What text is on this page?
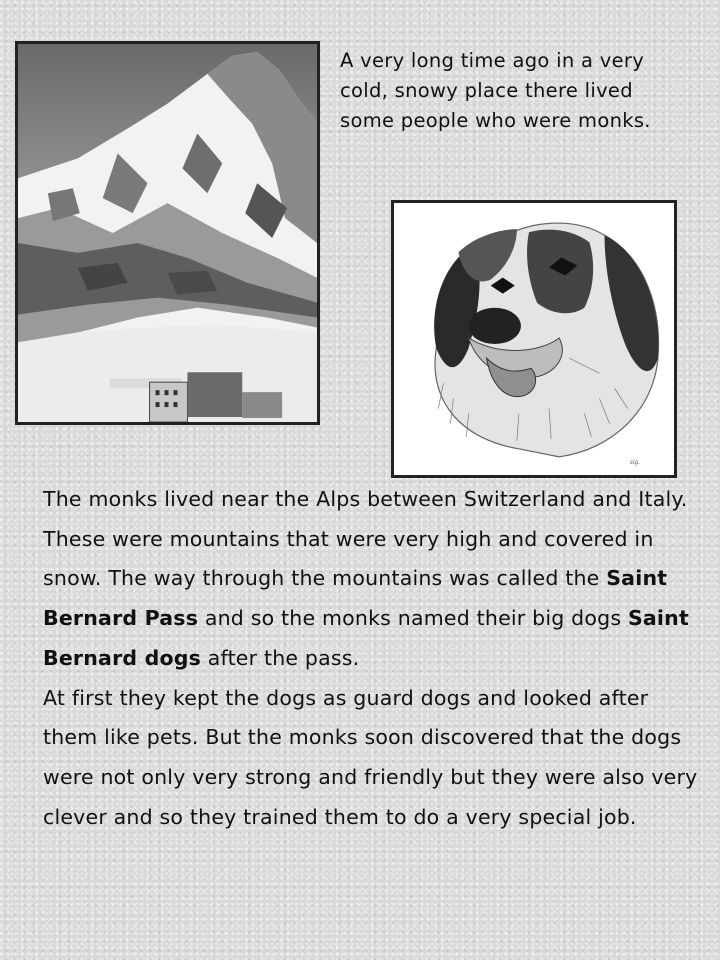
A very long time ago in a very cold, snowy place there lived some people who were monks.

sig.

The monks lived near the Alps between Switzerland and Italy. These were mountains that were very high and covered in snow. The way through the mountains was called the Saint Bernard Pass and so the monks named their big dogs Saint Bernard dogs after the pass.
At first they kept the dogs as guard dogs and looked after them like pets. But the monks soon discovered that the dogs were not only very strong and friendly but they were also very clever and so they trained them to do a very special job.
